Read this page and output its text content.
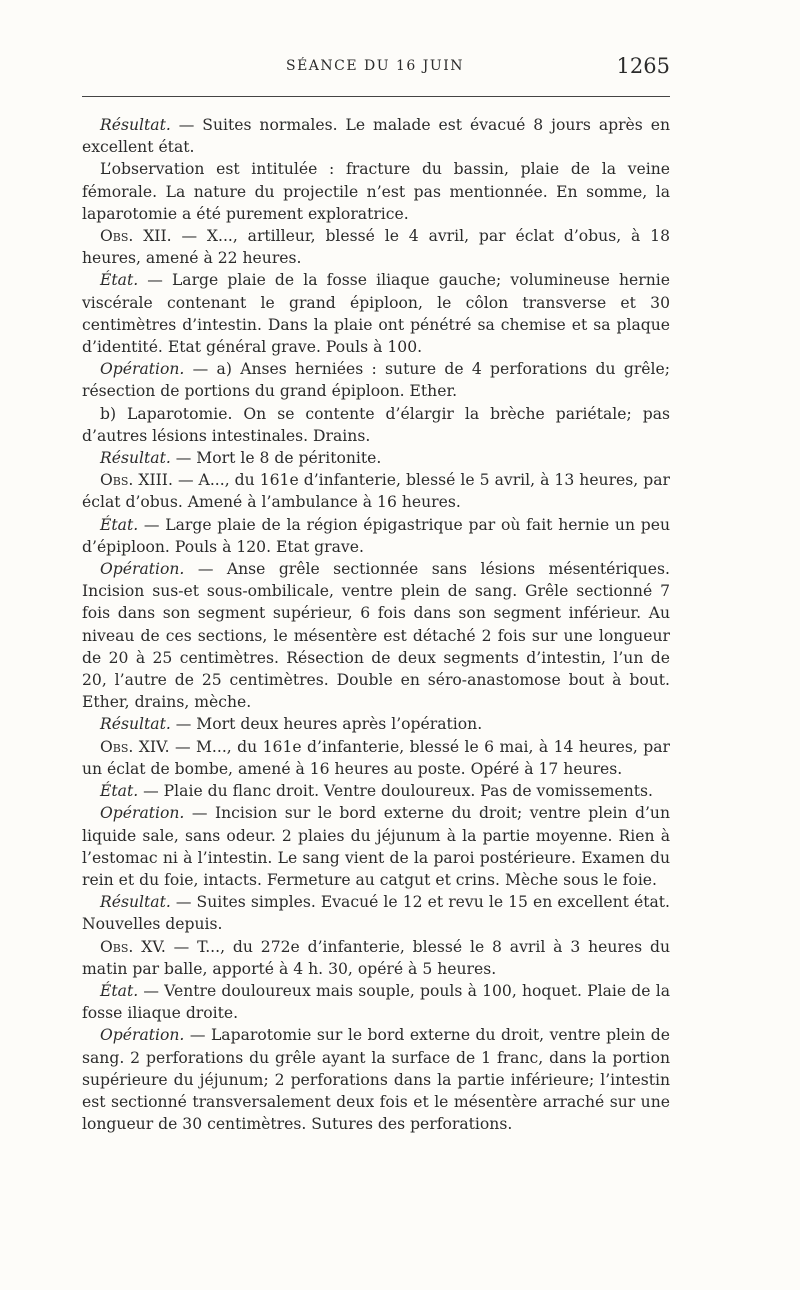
SÉANCE DU 16 JUIN	1265

Résultat. — Suites normales. Le malade est évacué 8 jours après en excellent état.

L’observation est intitulée : fracture du bassin, plaie de la veine fémorale. La nature du projectile n’est pas mentionnée. En somme, la laparotomie a été purement exploratrice.

Obs. XII. — X..., artilleur, blessé le 4 avril, par éclat d’obus, à 18 heures, amené à 22 heures.

État. — Large plaie de la fosse iliaque gauche; volumineuse hernie viscérale contenant le grand épiploon, le côlon transverse et 30 centimètres d’intestin. Dans la plaie ont pénétré sa chemise et sa plaque d’identité. Etat général grave. Pouls à 100.

Opération. — a) Anses herniées : suture de 4 perforations du grêle; résection de portions du grand épiploon. Ether.

b) Laparotomie. On se contente d’élargir la brèche pariétale; pas d’autres lésions intestinales. Drains.

Résultat. — Mort le 8 de péritonite.

Obs. XIII. — A..., du 161e d’infanterie, blessé le 5 avril, à 13 heures, par éclat d’obus. Amené à l’ambulance à 16 heures.

État. — Large plaie de la région épigastrique par où fait hernie un peu d’épiploon. Pouls à 120. Etat grave.

Opération. — Anse grêle sectionnée sans lésions mésentériques. Incision sus-et sous-ombilicale, ventre plein de sang. Grêle sectionné 7 fois dans son segment supérieur, 6 fois dans son segment inférieur. Au niveau de ces sections, le mésentère est détaché 2 fois sur une longueur de 20 à 25 centimètres. Résection de deux segments d’intestin, l’un de 20, l’autre de 25 centimètres. Double en séro-anastomose bout à bout. Ether, drains, mèche.

Résultat. — Mort deux heures après l’opération.

Obs. XIV. — M..., du 161e d’infanterie, blessé le 6 mai, à 14 heures, par un éclat de bombe, amené à 16 heures au poste. Opéré à 17 heures.

État. — Plaie du flanc droit. Ventre douloureux. Pas de vomissements.

Opération. — Incision sur le bord externe du droit; ventre plein d’un liquide sale, sans odeur. 2 plaies du jéjunum à la partie moyenne. Rien à l’estomac ni à l’intestin. Le sang vient de la paroi postérieure. Examen du rein et du foie, intacts. Fermeture au catgut et crins. Mèche sous le foie.

Résultat. — Suites simples. Evacué le 12 et revu le 15 en excellent état. Nouvelles depuis.

Obs. XV. — T..., du 272e d’infanterie, blessé le 8 avril à 3 heures du matin par balle, apporté à 4 h. 30, opéré à 5 heures.

État. — Ventre douloureux mais souple, pouls à 100, hoquet. Plaie de la fosse iliaque droite.

Opération. — Laparotomie sur le bord externe du droit, ventre plein de sang. 2 perforations du grêle ayant la surface de 1 franc, dans la portion supérieure du jéjunum; 2 perforations dans la partie inférieure; l’intestin est sectionné transversalement deux fois et le mésentère arraché sur une longueur de 30 centimètres. Sutures des perforations.
